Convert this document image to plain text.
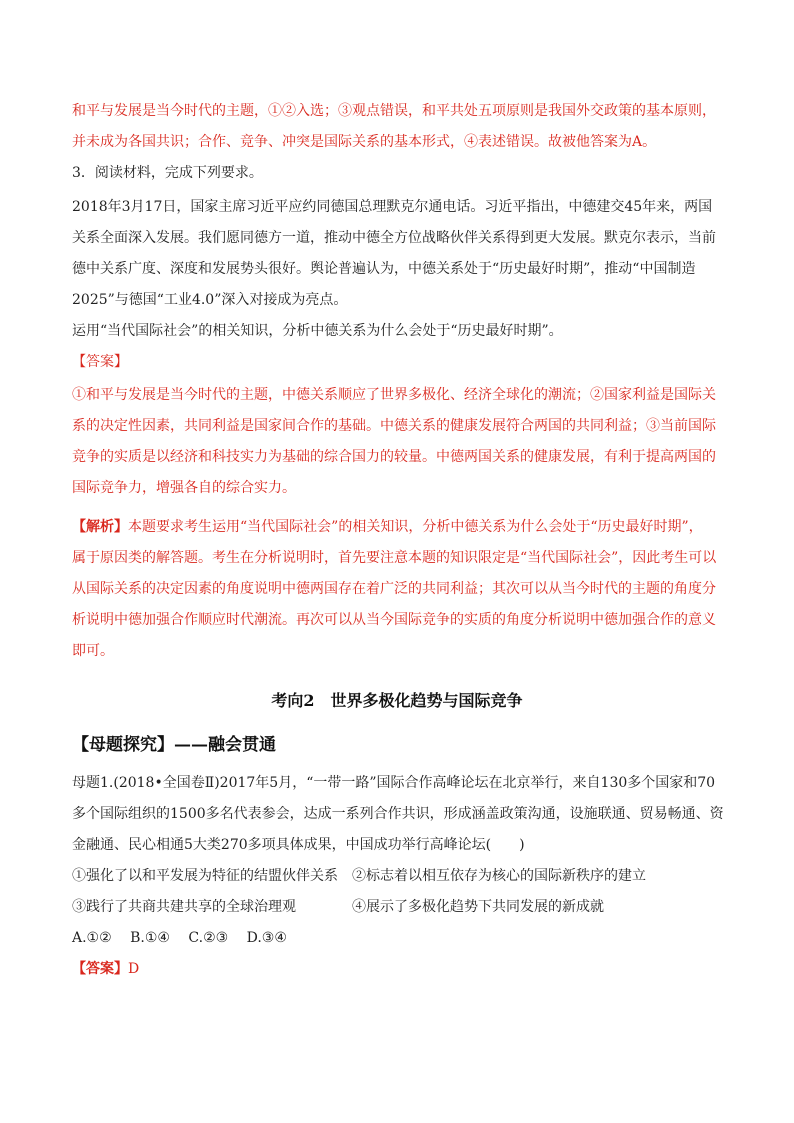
和平与发展是当今时代的主题，①②入选；③观点错误，和平共处五项原则是我国外交政策的基本原则，

并未成为各国共识；合作、竞争、冲突是国际关系的基本形式，④表述错误。故被他答案为A。

3．阅读材料，完成下列要求。

2018年3月17日，国家主席习近平应约同德国总理默克尔通电话。习近平指出，中德建交45年来，两国

关系全面深入发展。我们愿同德方一道，推动中德全方位战略伙伴关系得到更大发展。默克尔表示，当前

德中关系广度、深度和发展势头很好。舆论普遍认为，中德关系处于“历史最好时期”，推动“中国制造

2025”与德国“工业4.0”深入对接成为亮点。

运用“当代国际社会”的相关知识，分析中德关系为什么会处于“历史最好时期”。

【答案】

①和平与发展是当今时代的主题，中德关系顺应了世界多极化、经济全球化的潮流；②国家利益是国际关

系的决定性因素，共同利益是国家间合作的基础。中德关系的健康发展符合两国的共同利益；③当前国际

竞争的实质是以经济和科技实力为基础的综合国力的较量。中德两国关系的健康发展，有利于提高两国的

国际竞争力，增强各自的综合实力。

【解析】本题要求考生运用“当代国际社会”的相关知识，分析中德关系为什么会处于“历史最好时期”，

属于原因类的解答题。考生在分析说明时，首先要注意本题的知识限定是“当代国际社会”，因此考生可以

从国际关系的决定因素的角度说明中德两国存在着广泛的共同利益；其次可以从当今时代的主题的角度分

析说明中德加强合作顺应时代潮流。再次可以从当今国际竞争的实质的角度分析说明中德加强合作的意义

即可。

考向2　世界多极化趋势与国际竞争
【母题探究】——融会贯通

母题1.(2018•全国卷Ⅱ)2017年5月，“一带一路”国际合作高峰论坛在北京举行，来自130多个国家和70

多个国际组织的1500多名代表参会，达成一系列合作共识，形成涵盖政策沟通，设施联通、贸易畅通、资

金融通、民心相通5大类270多项具体成果，中国成功举行高峰论坛(　　)

①强化了以和平发展为特征的结盟伙伴关系	②标志着以相互依存为核心的国际新秩序的建立
③践行了共商共建共享的全球治理观	④展示了多极化趋势下共同发展的新成就

A.①②　 B.①④　 C.②③　 D.③④

【答案】D
